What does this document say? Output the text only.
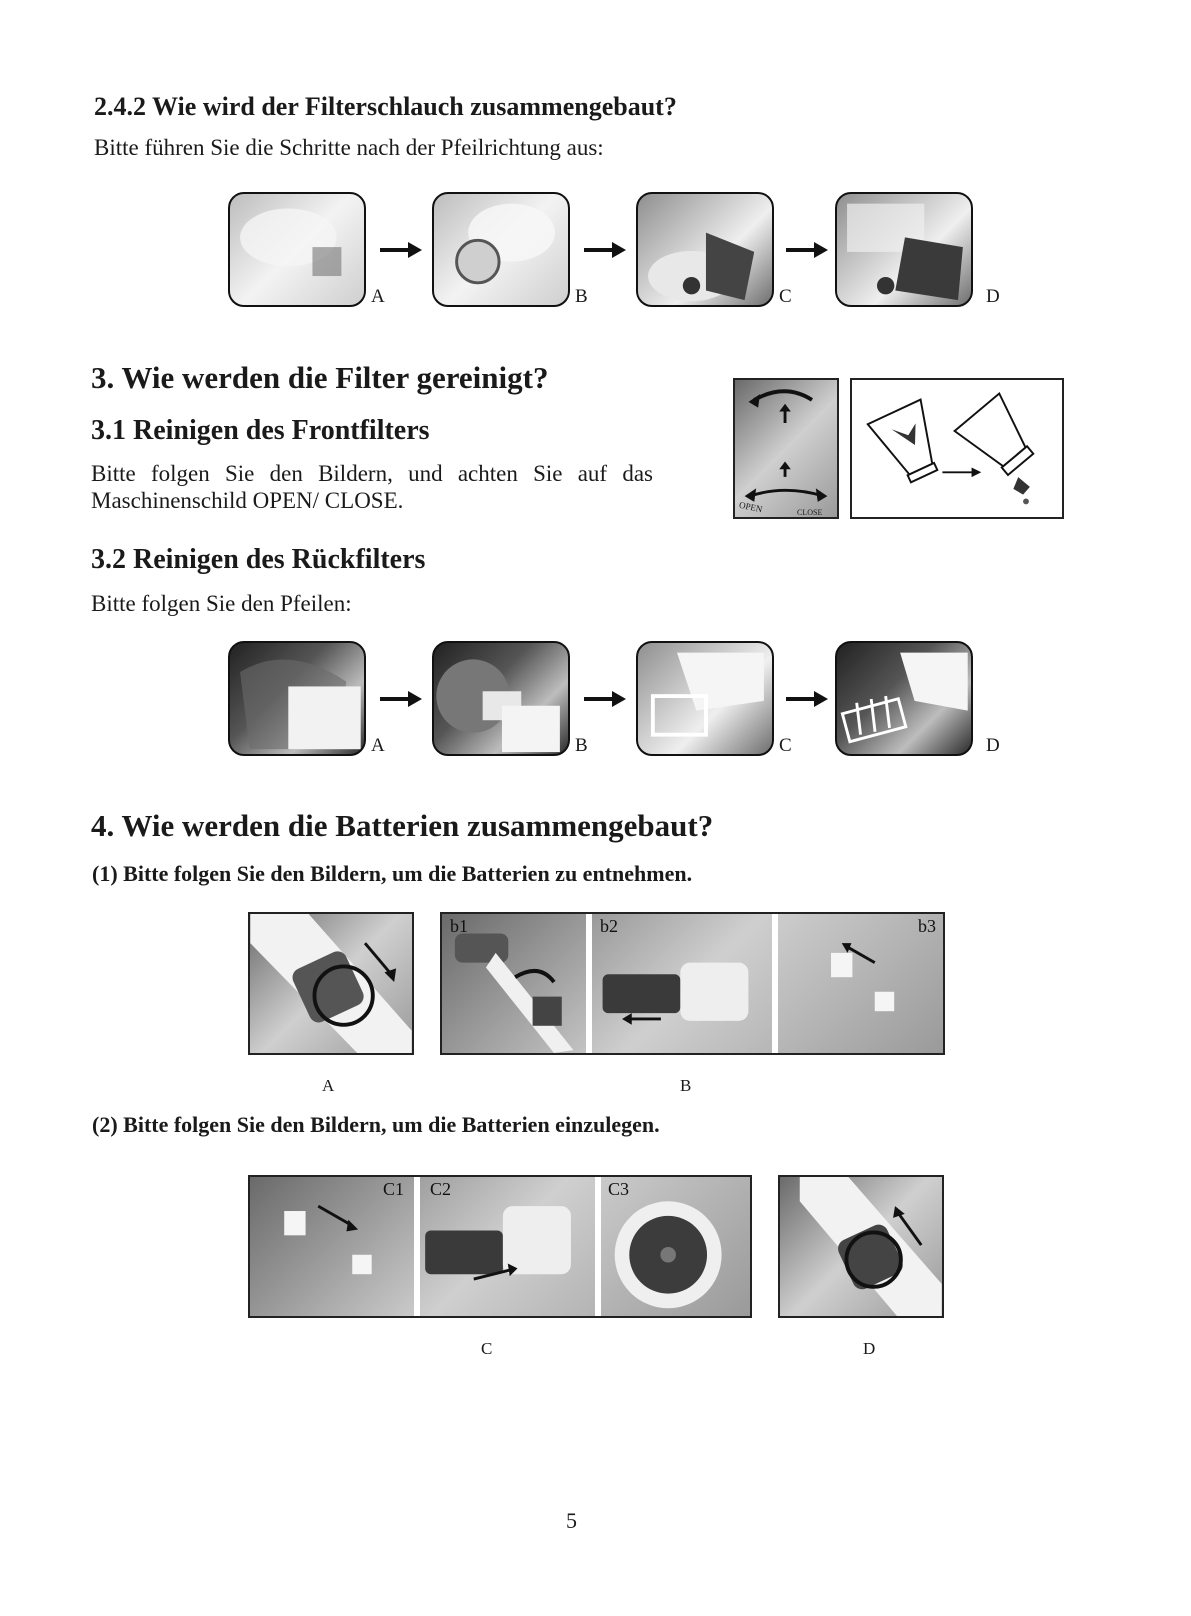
2.4.2 Wie wird der Filterschlauch zusammengebaut?
Bitte führen Sie die Schritte nach der Pfeilrichtung aus:
A	B	C	D
3. Wie werden die Filter gereinigt?
3.1 Reinigen des Frontfilters
Bitte folgen Sie den Bildern, und achten Sie auf das
Maschinenschild OPEN/ CLOSE.	OPEN	CLOSE
3.2 Reinigen des Rückfilters
Bitte folgen Sie den Pfeilen:
A	B	C	D
4. Wie werden die Batterien zusammengebaut?
(1) Bitte folgen Sie den Bildern, um die Batterien zu entnehmen.
A
b1	b2	b3
B
(2) Bitte folgen Sie den Bildern, um die Batterien einzulegen.
C1 C2	C3
C	D
5
